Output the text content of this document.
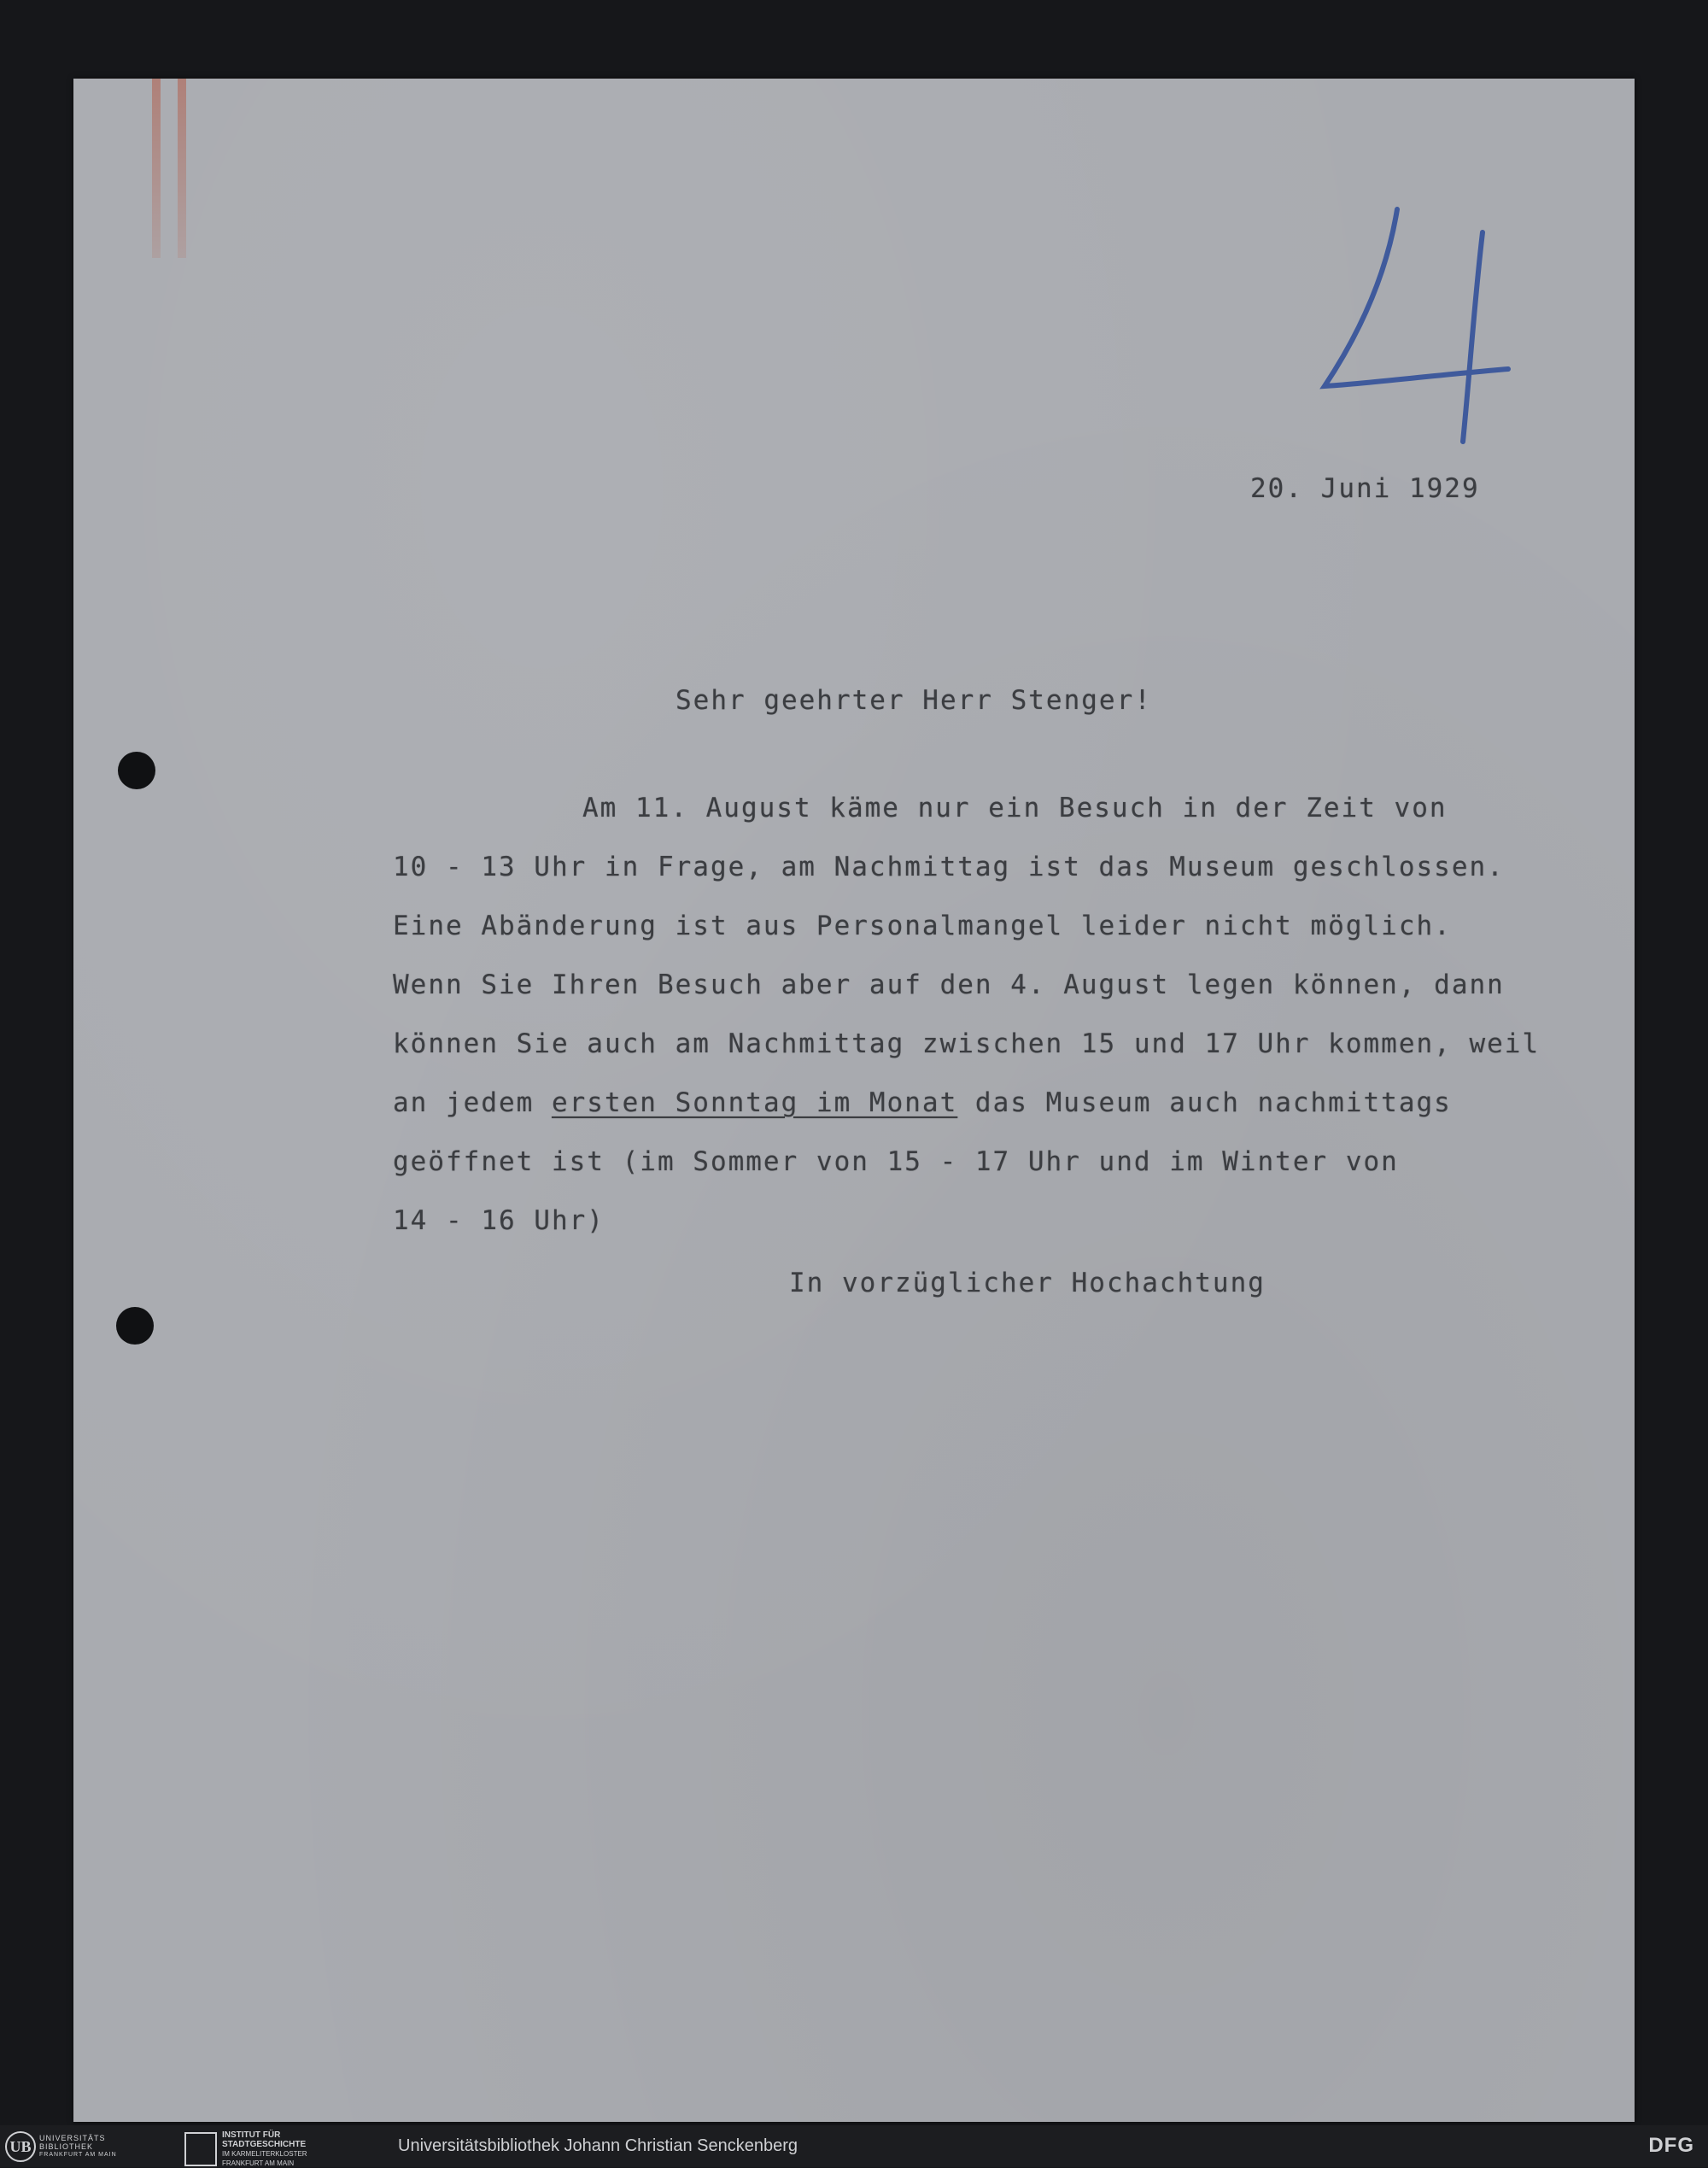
4

20. Juni 1929

Sehr geehrter Herr Stenger!

Am 11. August käme nur ein Besuch in der Zeit von

10 - 13 Uhr in Frage, am Nachmittag ist das Museum geschlossen.

Eine Abänderung ist aus Personalmangel leider nicht möglich.

Wenn Sie Ihren Besuch aber auf den 4. August legen können, dann

können Sie auch am Nachmittag zwischen 15 und 17 Uhr kommen, weil

an jedem ersten Sonntag im Monat das Museum auch nachmittags

geöffnet ist (im Sommer von 15 - 17 Uhr und im Winter von

14 - 16 Uhr)

In vorzüglicher Hochachtung

UB	UNIVERSITÄTS
BIBLIOTHEK
FRANKFURT AM MAIN
INSTITUT FÜR
STADTGESCHICHTE
IM KARMELITERKLOSTER
FRANKFURT AM MAIN
Universitätsbibliothek Johann Christian Senckenberg	DFG
